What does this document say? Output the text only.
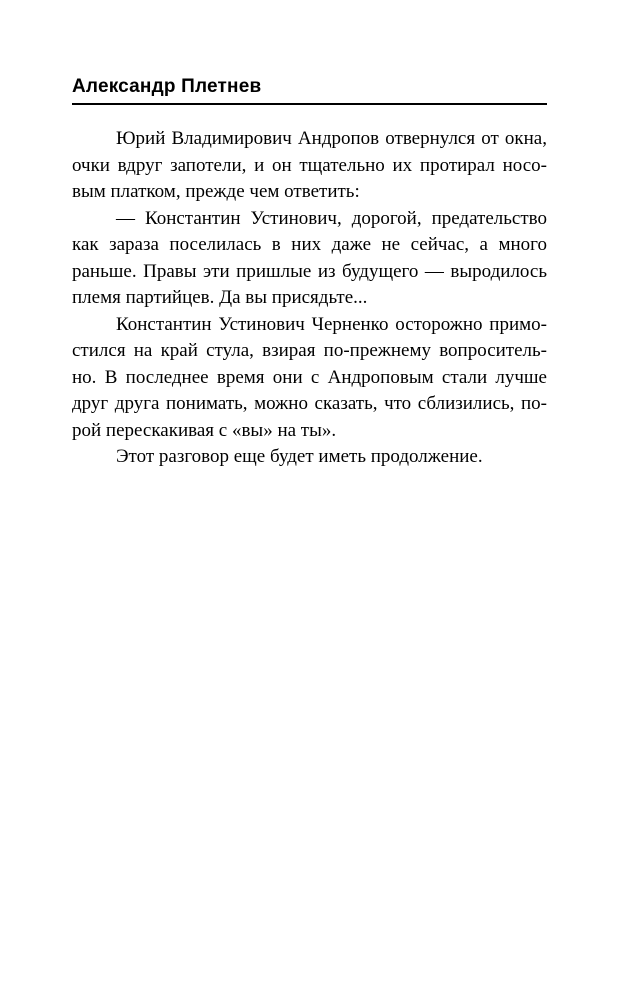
Александр Плетнев
Юрий Владимирович Андропов отвернулся от окна,
очки вдруг запотели, и он тщательно их протирал носо-
вым платком, прежде чем ответить:
— Константин Устинович, дорогой, предательство
как зараза поселилась в них даже не сейчас, а много
раньше. Правы эти пришлые из будущего — выродилось
племя партийцев. Да вы присядьте...
Константин Устинович Черненко осторожно примо-
стился на край стула, взирая по-прежнему вопроситель-
но. В последнее время они с Андроповым стали лучше
друг друга понимать, можно сказать, что сблизились, по-
рой перескакивая с «вы» на ты».
Этот разговор еще будет иметь продолжение.
